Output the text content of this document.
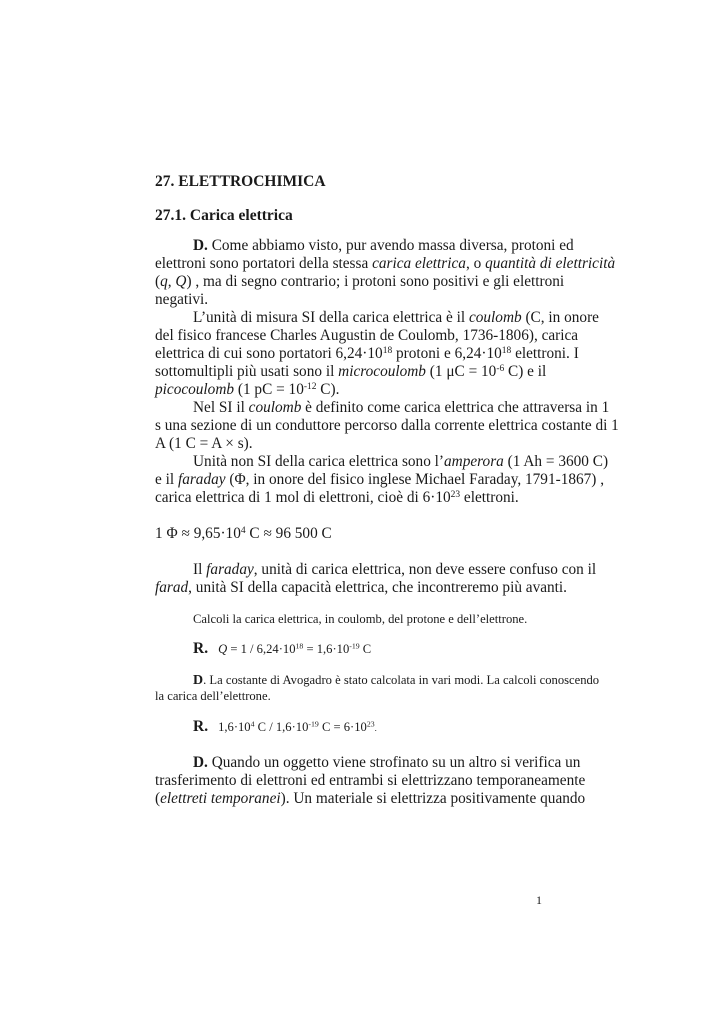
27. ELETTROCHIMICA
27.1. Carica elettrica
D. Come abbiamo visto, pur avendo massa diversa, protoni ed
elettroni sono portatori della stessa carica elettrica, o quantità di elettricità
(q, Q) , ma di segno contrario; i protoni sono positivi e gli elettroni
negativi.
L’unità di misura SI della carica elettrica è il coulomb (C, in onore
del fisico francese Charles Augustin de Coulomb, 1736-1806), carica
elettrica di cui sono portatori $6,24\cdot 10^{18}$ protoni e $6,24\cdot 10^{18}$ elettroni. I
sottomultipli più usati sono il microcoulomb (1 $\mu C = 10^{-6}$ C) e il
picocoulomb (1 pC = $10^{-12}$ C).
Nel SI il coulomb è definito come carica elettrica che attraversa in 1
s una sezione di un conduttore percorso dalla corrente elettrica costante di 1
A (1 C = A × s).
Unità non SI della carica elettrica sono l’amperora (1 Ah = 3600 C)
e il faraday (Φ, in onore del fisico inglese Michael Faraday, 1791-1867) ,
carica elettrica di 1 mol di elettroni, cioè di $6\cdot 10^{23}$ elettroni.
1 $\Phi \approx 9,65\cdot 10^4$ C ≈ 96 500 C
Il faraday, unità di carica elettrica, non deve essere confuso con il
farad, unità SI della capacità elettrica, che incontreremo più avanti.
Calcoli la carica elettrica, in coulomb, del protone e dell’elettrone.
R. $Q = 1 / 6,24\cdot 10^{18} = 1,6\cdot 10^{-19}$ C
D. La costante di Avogadro è stato calcolata in vari modi. La calcoli conoscendo
la carica dell’elettrone.
R. $1,6\cdot 10^4$ $C / 1,6\cdot 10^{-19}$ $C = 6\cdot 10^{23}$.
D. Quando un oggetto viene strofinato su un altro si verifica un
trasferimento di elettroni ed entrambi si elettrizzano temporaneamente
(elettreti temporanei). Un materiale si elettrizza positivamente quando
1
